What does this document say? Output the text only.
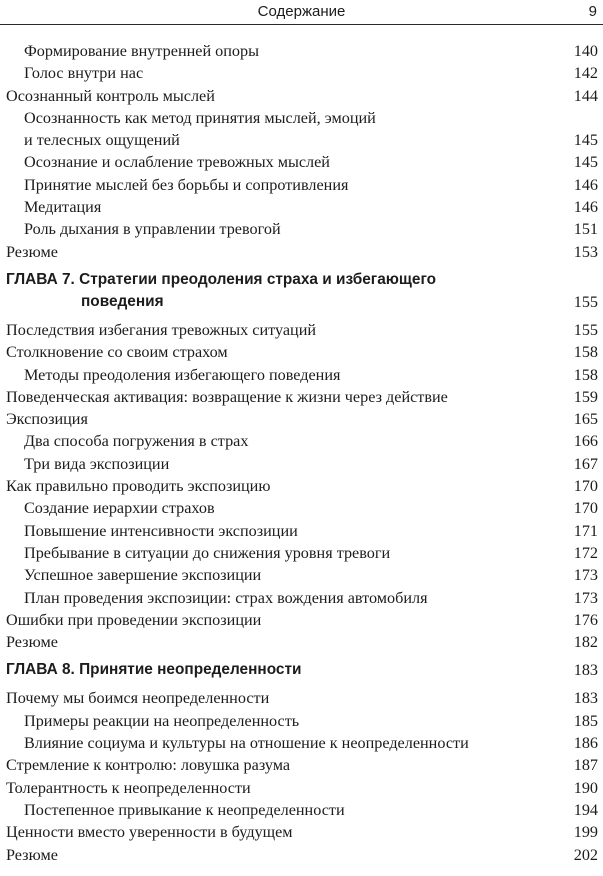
Содержание	9
Формирование внутренней опоры	140
Голос внутри нас	142
Осознанный контроль мыслей	144
Осознанность как метод принятия мыслей, эмоций
и телесных ощущений	145
Осознание и ослабление тревожных мыслей	145
Принятие мыслей без борьбы и сопротивления	146
Медитация	146
Роль дыхания в управлении тревогой	151
Резюме	153
ГЛАВА 7. Стратегии преодоления страха и избегающего
поведения	155
Последствия избегания тревожных ситуаций	155
Столкновение со своим страхом	158
Методы преодоления избегающего поведения	158
Поведенческая активация: возвращение к жизни через действие	159
Экспозиция	165
Два способа погружения в страх	166
Три вида экспозиции	167
Как правильно проводить экспозицию	170
Создание иерархии страхов	170
Повышение интенсивности экспозиции	171
Пребывание в ситуации до снижения уровня тревоги	172
Успешное завершение экспозиции	173
План проведения экспозиции: страх вождения автомобиля	173
Ошибки при проведении экспозиции	176
Резюме	182
ГЛАВА 8. Принятие неопределенности	183
Почему мы боимся неопределенности	183
Примеры реакции на неопределенность	185
Влияние социума и культуры на отношение к неопределенности	186
Стремление к контролю: ловушка разума	187
Толерантность к неопределенности	190
Постепенное привыкание к неопределенности	194
Ценности вместо уверенности в будущем	199
Резюме	202
